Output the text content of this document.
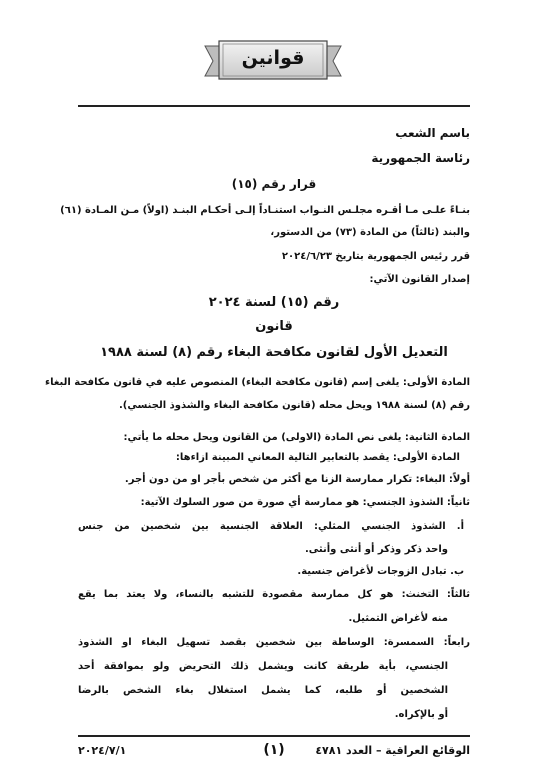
قوانين
باسم الشعب
رئاسة الجمهورية
قرار رقم (١٥)
بنـاءً علـى مـا أقـره مجلـس النـواب استنـاداً إلـى أحكـام البنـد (اولاً) مـن المـادة (٦١)
والبند (ثالثاً) من المادة (٧٣) من الدستور،
قرر رئيس الجمهورية بتاريخ ٢٠٢٤/٦/٢٣
إصدار القانون الآتي:
رقم (١٥) لسنة ٢٠٢٤
قانون
التعديل الأول لقانون مكافحة البغاء رقم (٨) لسنة ١٩٨٨
المادة الأولى: يلغى إسم (قانون مكافحة البغاء) المنصوص عليه في قانون مكافحة البغاء
رقم (٨) لسنة ١٩٨٨ ويحل محله (قانون مكافحة البغاء والشذوذ الجنسي).
المادة الثانية: يلغى نص المادة (الاولى) من القانون ويحل محله ما يأتي:
المادة الأولى: يقصد بالتعابير التالية المعاني المبينة ازاءها:
أولاً: البغاء: تكرار ممارسة الزنا مع أكثر من شخص بأجر او من دون أجر.
ثانياً: الشذوذ الجنسي: هو ممارسة أي صورة من صور السلوك الآتية:
أ. الشذوذ الجنسي المثلي: العلاقة الجنسية بين شخصين من جنس
واحد ذكر وذكر أو أنثى وأنثى.
ب. تبادل الزوجات لأغراض جنسية.
ثالثاً: التخنث: هو كل ممارسة مقصودة للتشبه بالنساء، ولا يعتد بما يقع
منه لأغراض التمثيل.
رابعاً: السمسرة: الوساطة بين شخصين بقصد تسهيل البغاء او الشذوذ
الجنسي، بأية طريقة كانت ويشمل ذلك التحريض ولو بموافقة أحد
الشخصين أو طلبه، كما يشمل استغلال بغاء الشخص بالرضا
أو بالإكراه.
الوقائع العراقية – العدد ٤٧٨١
(١)
٢٠٢٤/٧/١
